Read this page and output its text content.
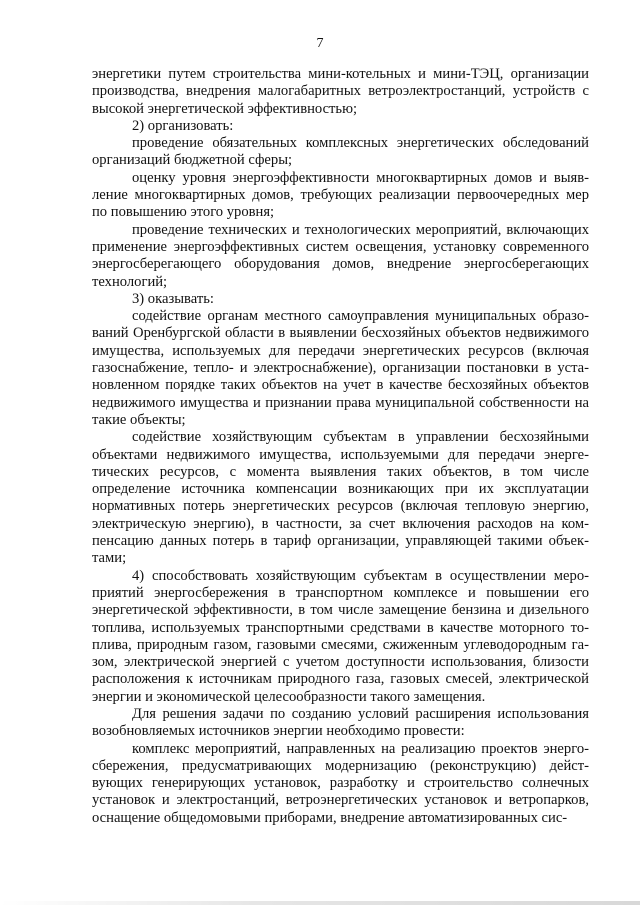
7

энергетики путем строительства мини-котельных и мини-ТЭЦ, организации производства, внедрения малогабаритных ветроэлектростанций, устройств с высокой энергетической эффективностью;

2) организовать:

проведение обязательных комплексных энергетических обследований организаций бюджетной сферы;

оценку уровня энергоэффективности многоквартирных домов и выявление многоквартирных домов, требующих реализации первоочередных мер по повышению этого уровня;

проведение технических и технологических мероприятий, включающих применение энергоэффективных систем освещения, установку современного энергосберегающего оборудования домов, внедрение энергосберегающих технологий;

3) оказывать:

содействие органам местного самоуправления муниципальных образований Оренбургской области в выявлении бесхозяйных объектов недвижимого имущества, используемых для передачи энергетических ресурсов (включая газоснабжение, тепло- и электроснабжение), организации постановки в установленном порядке таких объектов на учет в качестве бесхозяйных объектов недвижимого имущества и признании права муниципальной собственности на такие объекты;

содействие хозяйствующим субъектам в управлении бесхозяйными объектами недвижимого имущества, используемыми для передачи энергетических ресурсов, с момента выявления таких объектов, в том числе определение источника компенсации возникающих при их эксплуатации нормативных потерь энергетических ресурсов (включая тепловую энергию, электрическую энергию), в частности, за счет включения расходов на компенсацию данных потерь в тариф организации, управляющей такими объектами;

4) способствовать хозяйствующим субъектам в осуществлении мероприятий энергосбережения в транспортном комплексе и повышении его энергетической эффективности, в том числе замещение бензина и дизельного топлива, используемых транспортными средствами в качестве моторного топлива, природным газом, газовыми смесями, сжиженным углеводородным газом, электрической энергией с учетом доступности использования, близости расположения к источникам природного газа, газовых смесей, электрической энергии и экономической целесообразности такого замещения.

Для решения задачи по созданию условий расширения использования возобновляемых источников энергии необходимо провести:

комплекс мероприятий, направленных на реализацию проектов энергосбережения, предусматривающих модернизацию (реконструкцию) действующих генерирующих установок, разработку и строительство солнечных установок и электростанций, ветроэнергетических установок и ветропарков, оснащение общедомовыми приборами, внедрение автоматизированных сис-
